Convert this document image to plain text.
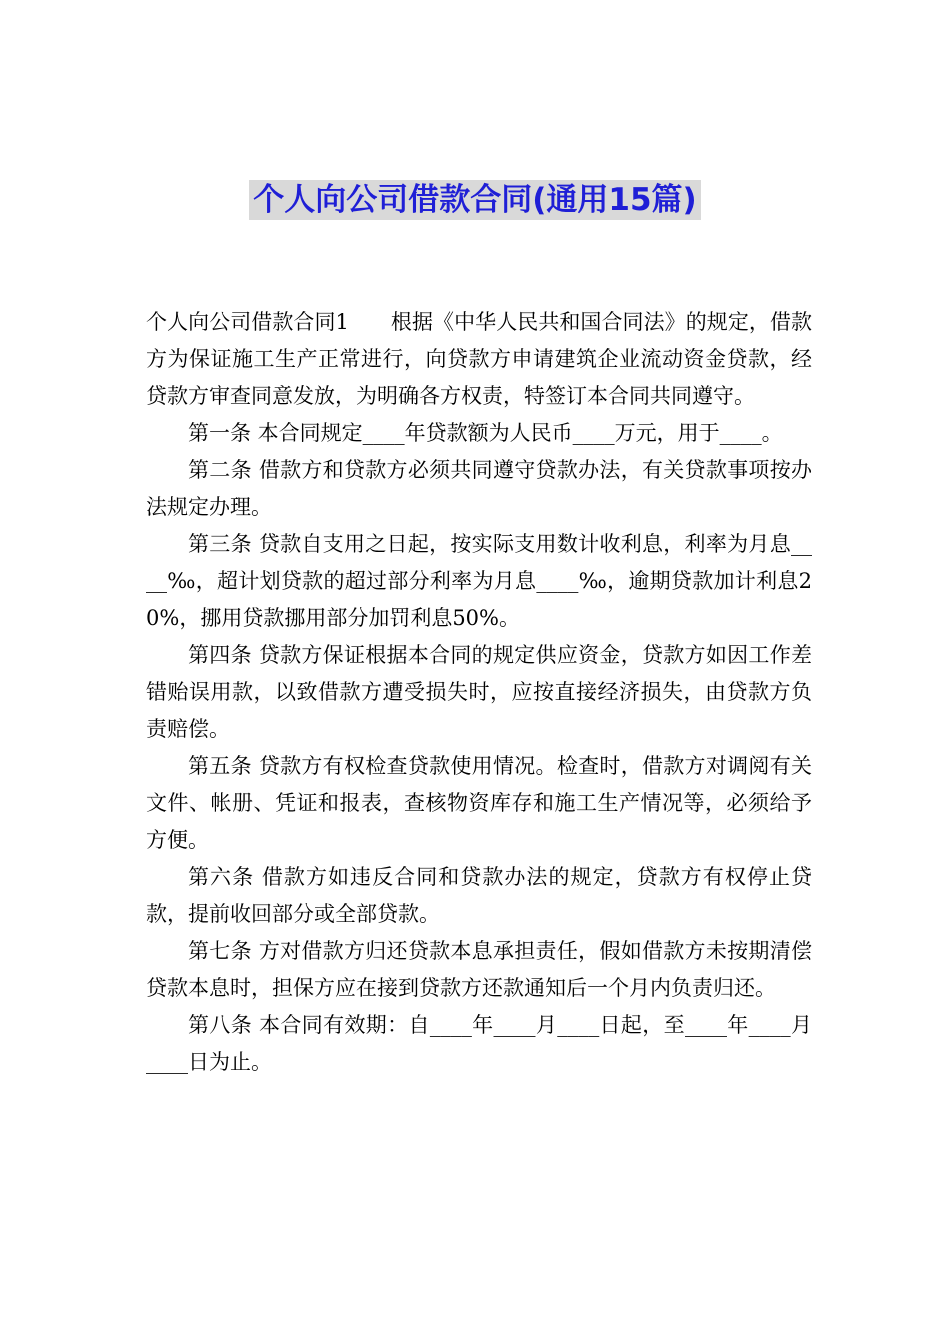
个人向公司借款合同(通用15篇)

个人向公司借款合同1 根据《中华人民共和国合同法》的规定，借款方为保证施工生产正常进行，向贷款方申请建筑企业流动资金贷款，经贷款方审查同意发放，为明确各方权责，特签订本合同共同遵守。

第一条 本合同规定____年贷款额为人民币____万元，用于____。

第二条 借款方和贷款方必须共同遵守贷款办法，有关贷款事项按办法规定办理。

第三条 贷款自支用之日起，按实际支用数计收利息，利率为月息____‰，超计划贷款的超过部分利率为月息____‰，逾期贷款加计利息20%，挪用贷款挪用部分加罚利息50%。

第四条 贷款方保证根据本合同的规定供应资金，贷款方如因工作差错贻误用款，以致借款方遭受损失时，应按直接经济损失，由贷款方负责赔偿。

第五条 贷款方有权检查贷款使用情况。检查时，借款方对调阅有关文件、帐册、凭证和报表，查核物资库存和施工生产情况等，必须给予方便。

第六条 借款方如违反合同和贷款办法的规定，贷款方有权停止贷款，提前收回部分或全部贷款。

第七条 方对借款方归还贷款本息承担责任，假如借款方未按期清偿贷款本息时，担保方应在接到贷款方还款通知后一个月内负责归还。

第八条 本合同有效期：自____年____月____日起，至____年____月____日为止。
